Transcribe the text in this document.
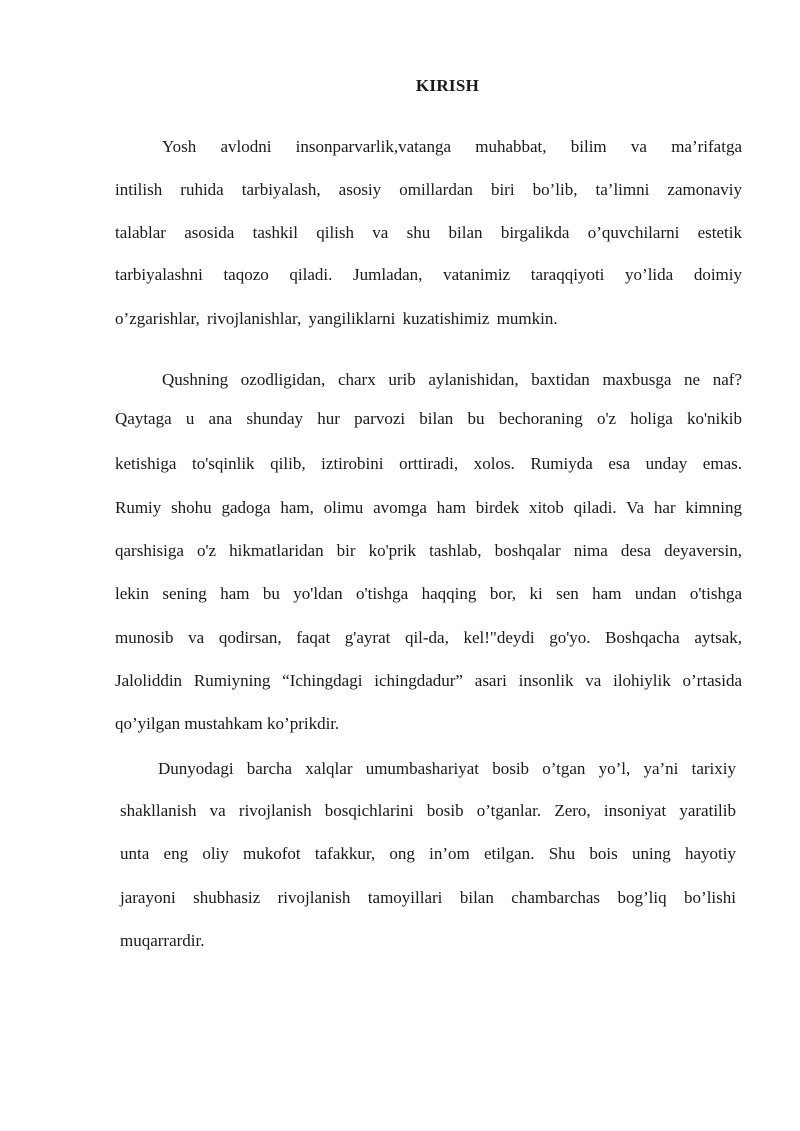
KIRISH
Yosh avlodni insonparvarlik,vatanga muhabbat, bilim va ma’rifatga
intilish ruhida tarbiyalash, asosiy omillardan biri bo’lib, ta’limni zamonaviy
talablar asosida tashkil qilish va shu bilan birgalikda o’quvchilarni estetik
tarbiyalashni taqozo qiladi. Jumladan, vatanimiz taraqqiyoti yo’lida doimiy
o’zgarishlar, rivojlanishlar, yangiliklarni kuzatishimiz mumkin.
Qushning ozodligidan, charx urib aylanishidan, baxtidan maxbusga ne naf?
Qaytaga u ana shunday hur parvozi bilan bu bechoraning o'z holiga ko'nikib
ketishiga to'sqinlik qilib, iztirobini orttiradi, xolos. Rumiyda esa unday emas.
Rumiy shohu gadoga ham, olimu avomga ham birdek xitob qiladi. Va har kimning
qarshisiga o'z hikmatlaridan bir ko'prik tashlab, boshqalar nima desa deyaversin,
lekin sening ham bu yo'ldan o'tishga haqqing bor, ki sen ham undan o'tishga
munosib va qodirsan, faqat g'ayrat qil-da, kel!"deydi go'yo. Boshqacha aytsak,
Jaloliddin Rumiyning “Ichingdagi ichingdadur” asari insonlik va ilohiylik o’rtasida
qo’yilgan mustahkam ko’prikdir.
Dunyodagi barcha xalqlar umumbashariyat bosib o’tgan yo’l, ya’ni tarixiy
shakllanish va rivojlanish bosqichlarini bosib o’tganlar. Zero, insoniyat yaratilib
unta eng oliy mukofot tafakkur, ong in’om etilgan. Shu bois uning hayotiy
jarayoni shubhasiz rivojlanish tamoyillari bilan chambarchas bog’liq bo’lishi
muqarrardir.
